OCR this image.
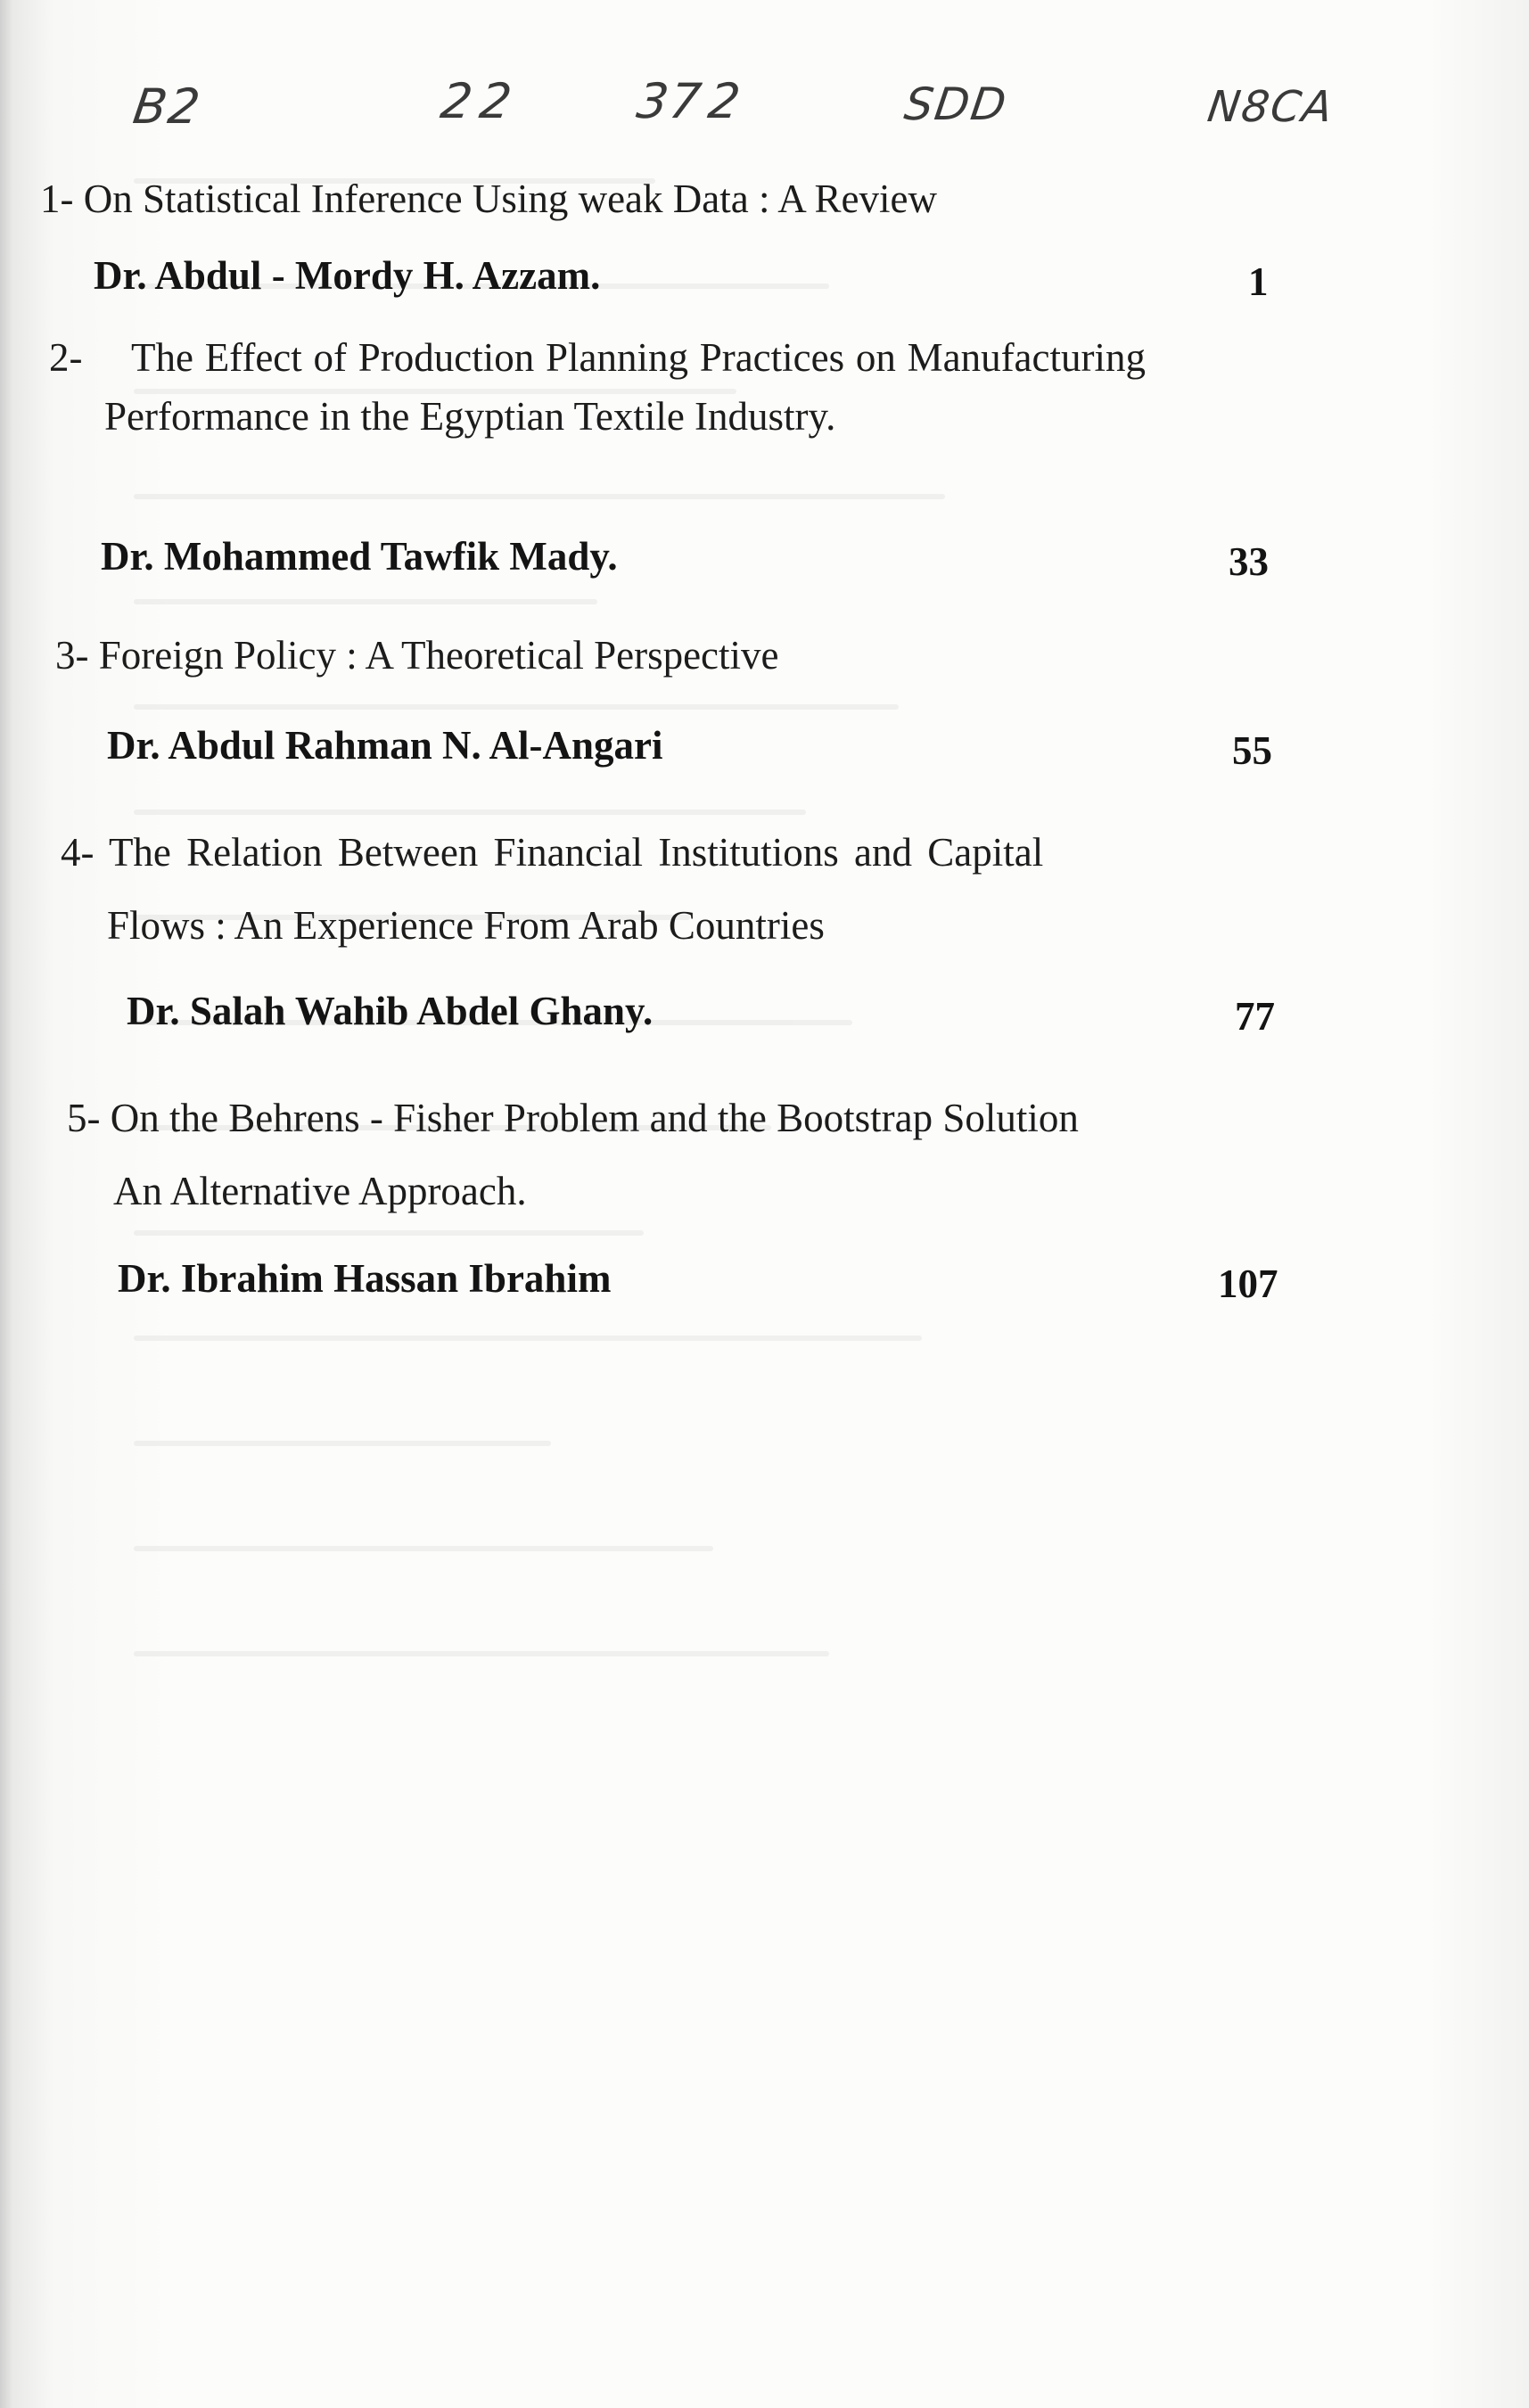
B2	2 2 37 2	SDD	N8CA

1- On Statistical Inference Using weak Data : A Review

Dr. Abdul - Mordy H. Azzam.	1

2-	The Effect of Production Planning Practices on Manufacturing Performance in the Egyptian Textile Industry.

Dr. Mohammed Tawfik Mady.	33

3- Foreign Policy : A Theoretical Perspective

Dr. Abdul Rahman N. Al-Angari	55

4- The Relation Between Financial Institutions and Capital
Flows : An Experience From Arab Countries

Dr. Salah Wahib Abdel Ghany.	77

5- On the Behrens - Fisher Problem and the Bootstrap Solution
An Alternative Approach.

Dr. Ibrahim Hassan Ibrahim	107
